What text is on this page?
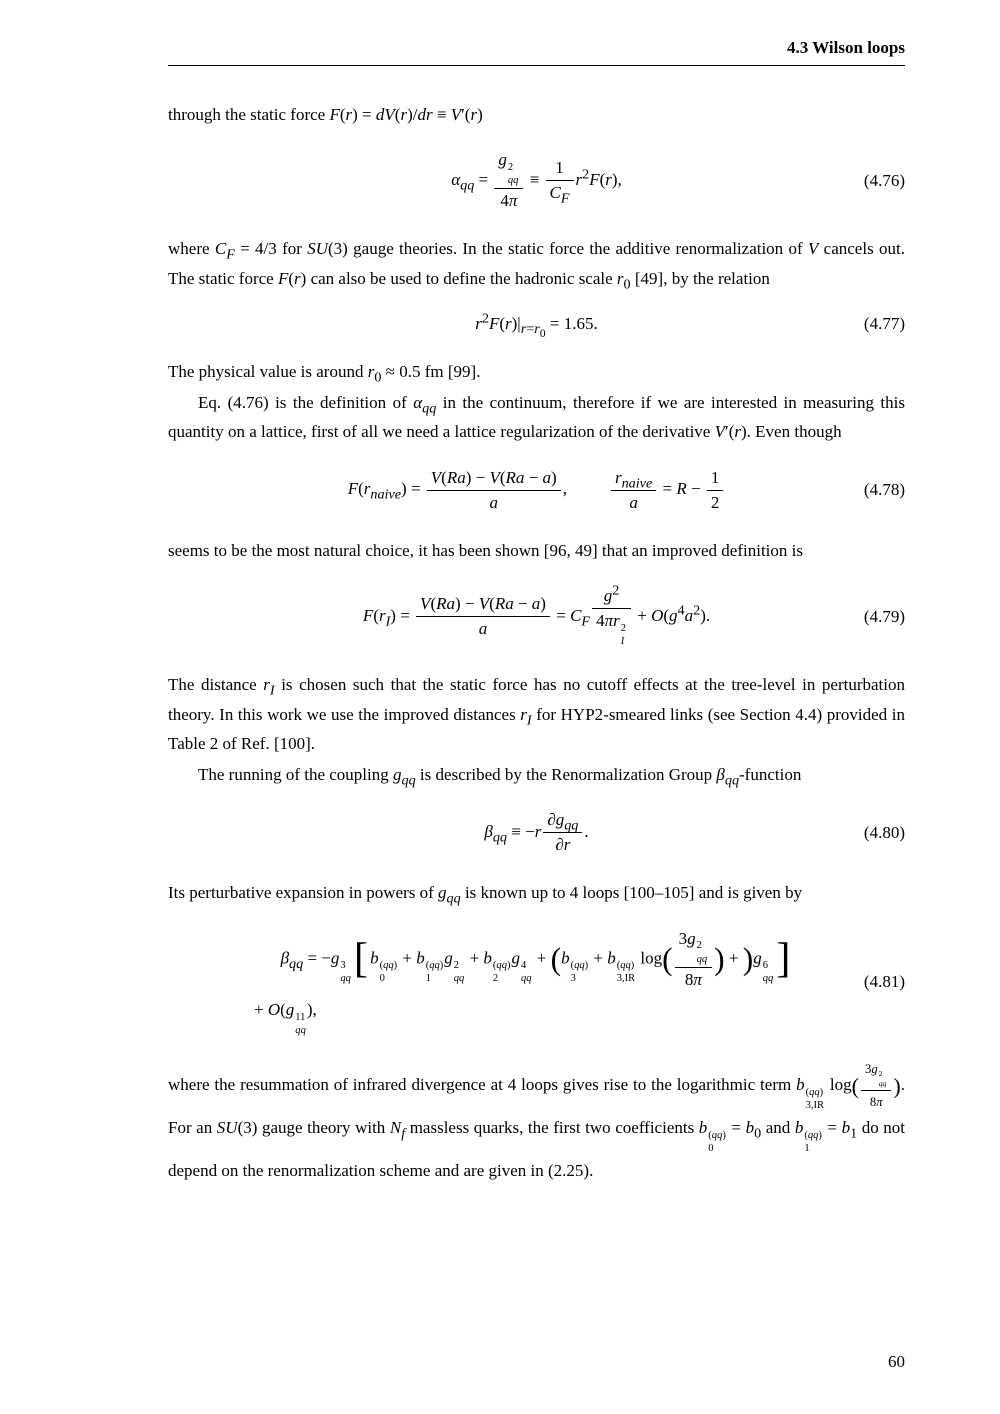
4.3 Wilson loops

through the static force F(r) = dV(r)/dr ≡ V′(r)

$\alpha_{qq} = g$ 2
qq
$4\pi \equiv \frac{1}{C_F} r^2F(r)$,	(4.76)

where $C_F = 4/3$ for SU(3) gauge theories. In the static force the additive renormalization of V cancels out. The static force F(r) can also be used to define the hadronic scale $r_0$ [49], by the relation

$r^2F(r)|_{r=r_0} = 1.65$.	(4.77)

The physical value is around $r_0 \approx 0.5$ fm [99].

Eq. (4.76) is the definition of $\alpha_{qq}$ in the continuum, therefore if we are interested in measuring this quantity on a lattice, first of all we need a lattice regularization of the derivative V′(r). Even though

$F(r_{naive}) = \frac{V(Ra) - V(Ra - a)}{a}$ ,
$r_{naive}$
a
= $R - \frac{1}{2}$	(4.78)

seems to be the most natural choice, it has been shown [96, 49] that an improved definition is

$F(r_I) = \frac{V(Ra) - V(Ra - a)}{a} = C_F$ $g^2$
4πr 2
$I + O(g^4a^2)$.	(4.79)

The distance $r_I$ is chosen such that the static force has no cutoff effects at the tree-level in perturbation theory. In this work we use the improved distances $r_I$ for HYP2-smeared links (see Section 4.4) provided in Table 2 of Ref. [100].

The running of the coupling $g_{qq}$ is described by the Renormalization Group $\beta_{qq}$-function

$\beta_{qq} \equiv -r$
$\partial g_{qq}$
∂r
.	(4.80)

Its perturbative expansion in powers of $g_{qq}$ is known up to 4 loops [100–105] and is given by

$\beta_{qq} = -g$ 3
qq [ b (qq)
0
+ b (qq)
1
g 2
qq
+ b (qq)
2
g 4
qq
+ (b (qq)
3
+ b (qq)
3,IR
log( 3g 2
qq
8π ) + )g 6
qq ]
+ O(g 11
qq
),
(4.81)

where the resummation of infrared divergence at 4 loops gives rise to the logarithmic term b (qq)
3,IR
log( 3g 2
qq
8π ). For an SU(3) gauge theory with $N_f$ massless quarks, the first two coefficients b (qq)
0
= $b_0$ and b (qq)
1
= $b_1$ do not depend on the renormalization scheme and are given in (2.25).

60
